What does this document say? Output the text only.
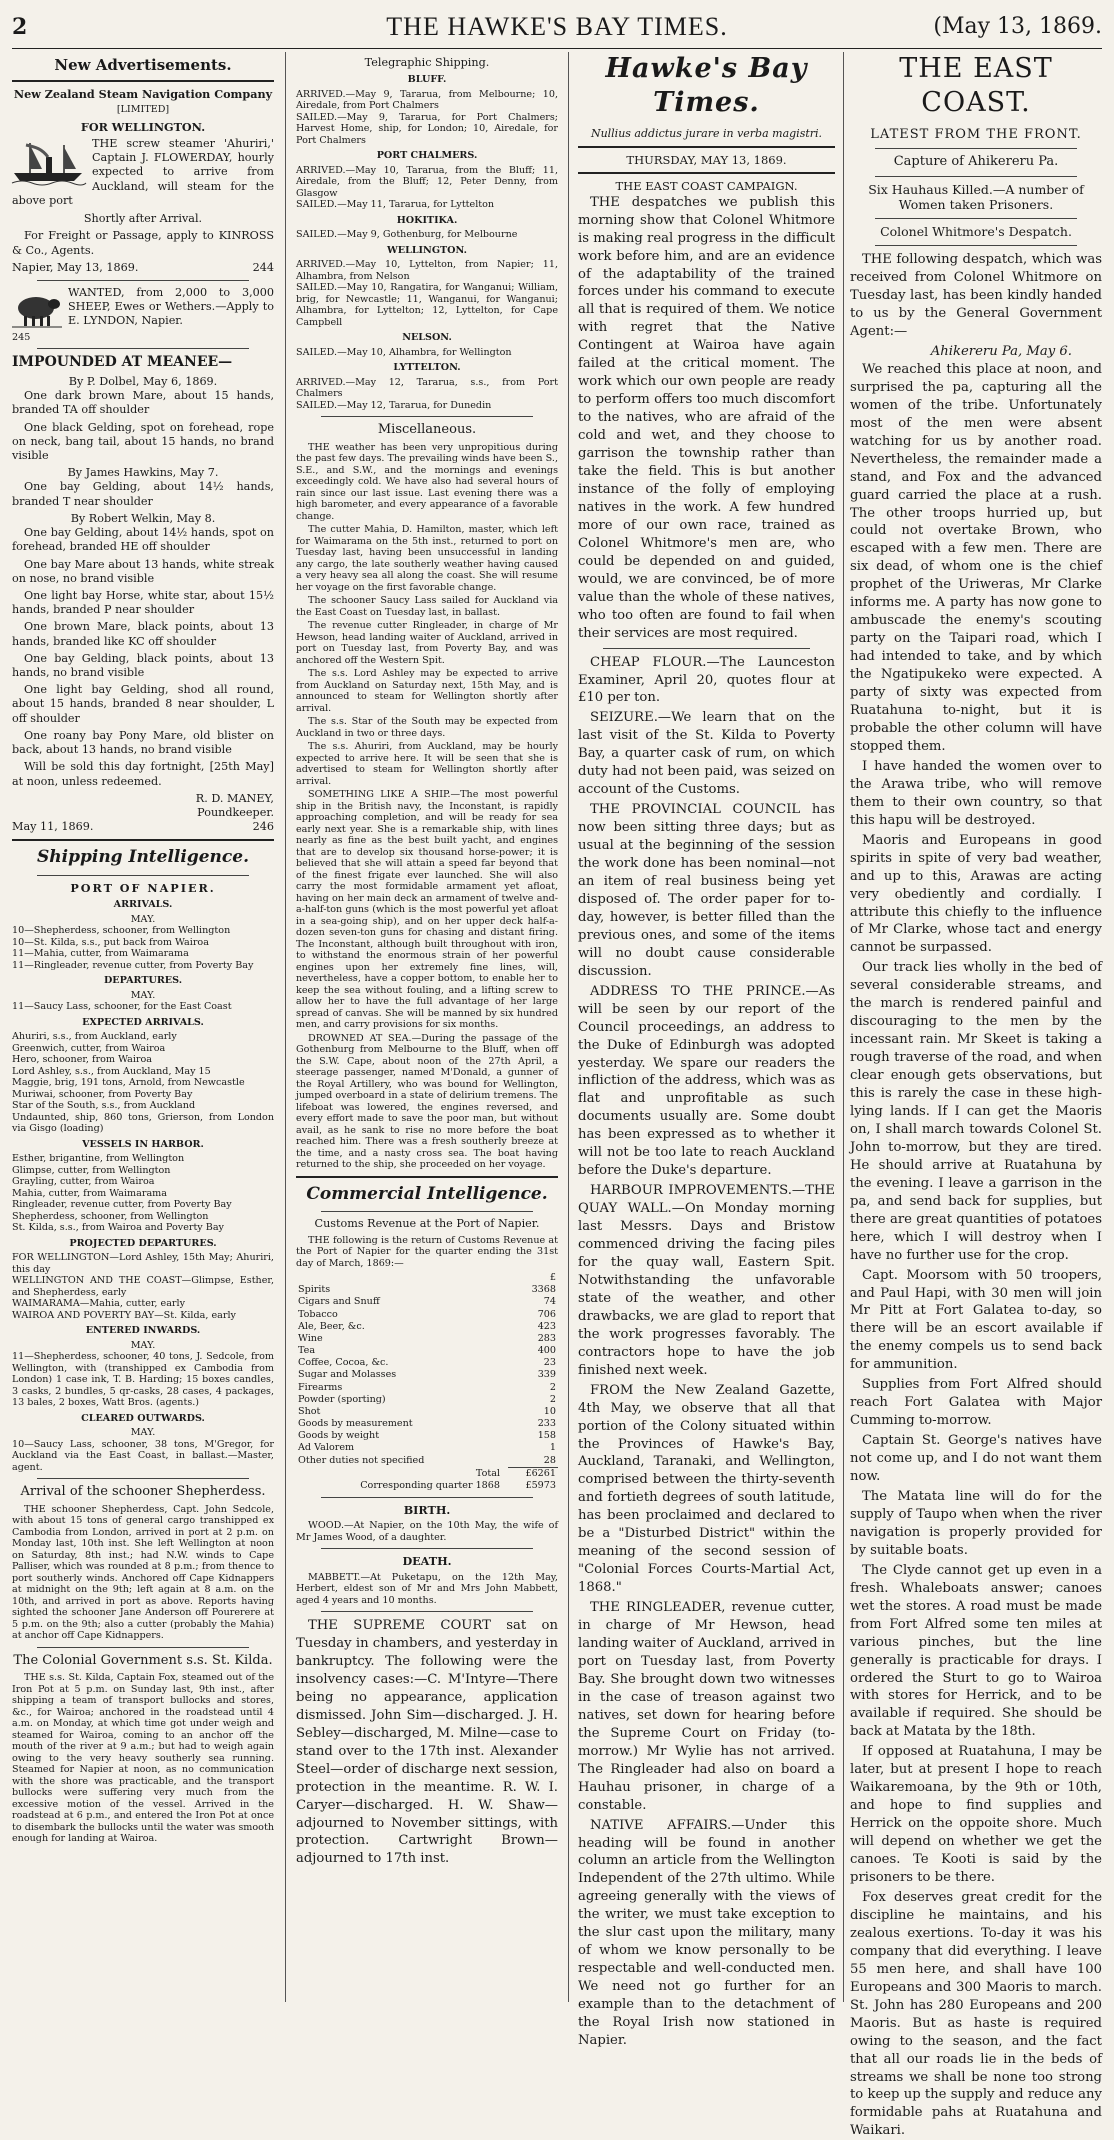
2	THE HAWKE'S BAY TIMES.	(May 13, 1869.
New Advertisements.
New Zealand Steam Navigation Company
[LIMITED]
FOR WELLINGTON.

THE screw steamer 'Ahuriri,' Captain J. FLOWERDAY, hourly expected to arrive from Auckland, will steam for the above port

Shortly after Arrival.

For Freight or Passage, apply to KINROSS & Co., Agents.

Napier, May 13, 1869.	244

WANTED, from 2,000 to 3,000 SHEEP, Ewes or Wethers.—Apply to E. LYNDON, Napier.

245
IMPOUNDED AT MEANEE—
By P. Dolbel, May 6, 1869.

One dark brown Mare, about 15 hands, branded TA off shoulder

One black Gelding, spot on forehead, rope on neck, bang tail, about 15 hands, no brand visible

By James Hawkins, May 7.

One bay Gelding, about 14½ hands, branded T near shoulder

By Robert Welkin, May 8.

One bay Gelding, about 14½ hands, spot on forehead, branded HE off shoulder

One bay Mare about 13 hands, white streak on nose, no brand visible

One light bay Horse, white star, about 15½ hands, branded P near shoulder

One brown Mare, black points, about 13 hands, branded like KC off shoulder

One bay Gelding, black points, about 13 hands, no brand visible

One light bay Gelding, shod all round, about 15 hands, branded 8 near shoulder, L off shoulder

One roany bay Pony Mare, old blister on back, about 13 hands, no brand visible

Will be sold this day fortnight, [25th May] at noon, unless redeemed.

R. D. MANEY,
Poundkeeper.
May 11, 1869.	246
Shipping Intelligence.
PORT OF NAPIER.
ARRIVALS.
MAY.
10—Shepherdess, schooner, from Wellington
10—St. Kilda, s.s., put back from Wairoa
11—Mahia, cutter, from Waimarama
11—Ringleader, revenue cutter, from Poverty Bay
DEPARTURES.
MAY.
11—Saucy Lass, schooner, for the East Coast
EXPECTED ARRIVALS.
Ahuriri, s.s., from Auckland, early
Greenwich, cutter, from Wairoa
Hero, schooner, from Wairoa
Lord Ashley, s.s., from Auckland, May 15
Maggie, brig, 191 tons, Arnold, from Newcastle
Muriwai, schooner, from Poverty Bay
Star of the South, s.s., from Auckland
Undaunted, ship, 860 tons, Grierson, from London via Gisgo (loading)
VESSELS IN HARBOR.
Esther, brigantine, from Wellington
Glimpse, cutter, from Wellington
Grayling, cutter, from Wairoa
Mahia, cutter, from Waimarama
Ringleader, revenue cutter, from Poverty Bay
Shepherdess, schooner, from Wellington
St. Kilda, s.s., from Wairoa and Poverty Bay
PROJECTED DEPARTURES.
FOR WELLINGTON—Lord Ashley, 15th May; Ahuriri, this day
WELLINGTON AND THE COAST—Glimpse, Esther, and Shepherdess, early
WAIMARAMA—Mahia, cutter, early
WAIROA AND POVERTY BAY—St. Kilda, early
ENTERED INWARDS.
MAY.
11—Shepherdess, schooner, 40 tons, J. Sedcole, from Wellington, with (transhipped ex Cambodia from London) 1 case ink, T. B. Harding; 15 boxes candles, 3 casks, 2 bundles, 5 qr-casks, 28 cases, 4 packages, 13 bales, 2 boxes, Watt Bros. (agents.)
CLEARED OUTWARDS.
MAY.
10—Saucy Lass, schooner, 38 tons, M'Gregor, for Auckland via the East Coast, in ballast.—Master, agent.
Arrival of the schooner Shepherdess.

THE schooner Shepherdess, Capt. John Sedcole, with about 15 tons of general cargo transhipped ex Cambodia from London, arrived in port at 2 p.m. on Monday last, 10th inst. She left Wellington at noon on Saturday, 8th inst.; had N.W. winds to Cape Palliser, which was rounded at 8 p.m.; from thence to port southerly winds. Anchored off Cape Kidnappers at midnight on the 9th; left again at 8 a.m. on the 10th, and arrived in port as above. Reports having sighted the schooner Jane Anderson off Pourerere at 5 p.m. on the 9th; also a cutter (probably the Mahia) at anchor off Cape Kidnappers.

The Colonial Government s.s. St. Kilda.

THE s.s. St. Kilda, Captain Fox, steamed out of the Iron Pot at 5 p.m. on Sunday last, 9th inst., after shipping a team of transport bullocks and stores, &c., for Wairoa; anchored in the roadstead until 4 a.m. on Monday, at which time got under weigh and steamed for Wairoa, coming to an anchor off the mouth of the river at 9 a.m.; but had to weigh again owing to the very heavy southerly sea running. Steamed for Napier at noon, as no communication with the shore was practicable, and the transport bullocks were suffering very much from the excessive motion of the vessel. Arrived in the roadstead at 6 p.m., and entered the Iron Pot at once to disembark the bullocks until the water was smooth enough for landing at Wairoa.

Telegraphic Shipping.
BLUFF.
ARRIVED.—May 9, Tararua, from Melbourne; 10, Airedale, from Port Chalmers
SAILED.—May 9, Tararua, for Port Chalmers; Harvest Home, ship, for London; 10, Airedale, for Port Chalmers
PORT CHALMERS.
ARRIVED.—May 10, Tararua, from the Bluff; 11, Airedale, from the Bluff; 12, Peter Denny, from Glasgow
SAILED.—May 11, Tararua, for Lyttelton
HOKITIKA.
SAILED.—May 9, Gothenburg, for Melbourne
WELLINGTON.
ARRIVED.—May 10, Lyttelton, from Napier; 11, Alhambra, from Nelson
SAILED.—May 10, Rangatira, for Wanganui; William, brig, for Newcastle; 11, Wanganui, for Wanganui; Alhambra, for Lyttelton; 12, Lyttelton, for Cape Campbell
NELSON.
SAILED.—May 10, Alhambra, for Wellington
LYTTELTON.
ARRIVED.—May 12, Tararua, s.s., from Port Chalmers
SAILED.—May 12, Tararua, for Dunedin
Miscellaneous.

THE weather has been very unpropitious during the past few days. The prevailing winds have been S., S.E., and S.W., and the mornings and evenings exceedingly cold. We have also had several hours of rain since our last issue. Last evening there was a high barometer, and every appearance of a favorable change.

The cutter Mahia, D. Hamilton, master, which left for Waimarama on the 5th inst., returned to port on Tuesday last, having been unsuccessful in landing any cargo, the late southerly weather having caused a very heavy sea all along the coast. She will resume her voyage on the first favorable change.

The schooner Saucy Lass sailed for Auckland via the East Coast on Tuesday last, in ballast.

The revenue cutter Ringleader, in charge of Mr Hewson, head landing waiter of Auckland, arrived in port on Tuesday last, from Poverty Bay, and was anchored off the Western Spit.

The s.s. Lord Ashley may be expected to arrive from Auckland on Saturday next, 15th May, and is announced to steam for Wellington shortly after arrival.

The s.s. Star of the South may be expected from Auckland in two or three days.

The s.s. Ahuriri, from Auckland, may be hourly expected to arrive here. It will be seen that she is advertised to steam for Wellington shortly after arrival.

SOMETHING LIKE A SHIP.—The most powerful ship in the British navy, the Inconstant, is rapidly approaching completion, and will be ready for sea early next year. She is a remarkable ship, with lines nearly as fine as the best built yacht, and engines that are to develop six thousand horse-power; it is believed that she will attain a speed far beyond that of the finest frigate ever launched. She will also carry the most formidable armament yet afloat, having on her main deck an armament of twelve and-a-half-ton guns (which is the most powerful yet afloat in a sea-going ship), and on her upper deck half-a-dozen seven-ton guns for chasing and distant firing. The Inconstant, although built throughout with iron, to withstand the enormous strain of her powerful engines upon her extremely fine lines, will, nevertheless, have a copper bottom, to enable her to keep the sea without fouling, and a lifting screw to allow her to have the full advantage of her large spread of canvas. She will be manned by six hundred men, and carry provisions for six months.

DROWNED AT SEA.—During the passage of the Gothenburg from Melbourne to the Bluff, when off the S.W. Cape, about noon of the 27th April, a steerage passenger, named M'Donald, a gunner of the Royal Artillery, who was bound for Wellington, jumped overboard in a state of delirium tremens. The lifeboat was lowered, the engines reversed, and every effort made to save the poor man, but without avail, as he sank to rise no more before the boat reached him. There was a fresh southerly breeze at the time, and a nasty cross sea. The boat having returned to the ship, she proceeded on her voyage.

Commercial Intelligence.
Customs Revenue at the Port of Napier.

THE following is the return of Customs Revenue at the Port of Napier for the quarter ending the 31st day of March, 1869:—

	£
Spirits	3368
Cigars and Snuff	74
Tobacco	706
Ale, Beer, &c.	423
Wine	283
Tea	400
Coffee, Cocoa, &c.	23
Sugar and Molasses	339
Firearms	2
Powder (sporting)	2
Shot	10
Goods by measurement	233
Goods by weight	158
Ad Valorem	1
Other duties not specified	28
Total	£6261
Corresponding quarter 1868	£5973
BIRTH.

WOOD.—At Napier, on the 10th May, the wife of Mr James Wood, of a daughter.

DEATH.

MABBETT.—At Puketapu, on the 12th May, Herbert, eldest son of Mr and Mrs John Mabbett, aged 4 years and 10 months.

THE SUPREME COURT sat on Tuesday in chambers, and yesterday in bankruptcy. The following were the insolvency cases:—C. M'Intyre—There being no appearance, application dismissed. John Sim—discharged. J. H. Sebley—discharged, M. Milne—case to stand over to the 17th inst. Alexander Steel—order of discharge next session, protection in the meantime. R. W. I. Caryer—discharged. H. W. Shaw—adjourned to November sittings, with protection. Cartwright Brown—adjourned to 17th inst.

Hawke's Bay Times.
Nullius addictus jurare in verba magistri.
THURSDAY, MAY 13, 1869.
THE EAST COAST CAMPAIGN.

THE despatches we publish this morning show that Colonel Whitmore is making real progress in the difficult work before him, and are an evidence of the adaptability of the trained forces under his command to execute all that is required of them. We notice with regret that the Native Contingent at Wairoa have again failed at the critical moment. The work which our own people are ready to perform offers too much discomfort to the natives, who are afraid of the cold and wet, and they choose to garrison the township rather than take the field. This is but another instance of the folly of employing natives in the work. A few hundred more of our own race, trained as Colonel Whitmore's men are, who could be depended on and guided, would, we are convinced, be of more value than the whole of these natives, who too often are found to fail when their services are most required.

CHEAP FLOUR.—The Launceston Examiner, April 20, quotes flour at £10 per ton.

SEIZURE.—We learn that on the last visit of the St. Kilda to Poverty Bay, a quarter cask of rum, on which duty had not been paid, was seized on account of the Customs.

THE PROVINCIAL COUNCIL has now been sitting three days; but as usual at the beginning of the session the work done has been nominal—not an item of real business being yet disposed of. The order paper for to-day, however, is better filled than the previous ones, and some of the items will no doubt cause considerable discussion.

ADDRESS TO THE PRINCE.—As will be seen by our report of the Council proceedings, an address to the Duke of Edinburgh was adopted yesterday. We spare our readers the infliction of the address, which was as flat and unprofitable as such documents usually are. Some doubt has been expressed as to whether it will not be too late to reach Auckland before the Duke's departure.

HARBOUR IMPROVEMENTS.—THE QUAY WALL.—On Monday morning last Messrs. Days and Bristow commenced driving the facing piles for the quay wall, Eastern Spit. Notwithstanding the unfavorable state of the weather, and other drawbacks, we are glad to report that the work progresses favorably. The contractors hope to have the job finished next week.

FROM the New Zealand Gazette, 4th May, we observe that all that portion of the Colony situated within the Provinces of Hawke's Bay, Auckland, Taranaki, and Wellington, comprised between the thirty-seventh and fortieth degrees of south latitude, has been proclaimed and declared to be a "Disturbed District" within the meaning of the second session of "Colonial Forces Courts-Martial Act, 1868."

THE RINGLEADER, revenue cutter, in charge of Mr Hewson, head landing waiter of Auckland, arrived in port on Tuesday last, from Poverty Bay. She brought down two witnesses in the case of treason against two natives, set down for hearing before the Supreme Court on Friday (to-morrow.) Mr Wylie has not arrived. The Ringleader had also on board a Hauhau prisoner, in charge of a constable.

NATIVE AFFAIRS.—Under this heading will be found in another column an article from the Wellington Independent of the 27th ultimo. While agreeing generally with the views of the writer, we must take exception to the slur cast upon the military, many of whom we know personally to be respectable and well-conducted men. We need not go further for an example than to the detachment of the Royal Irish now stationed in Napier.

THE EAST COAST.
LATEST FROM THE FRONT.
Capture of Ahikereru Pa.
Six Hauhaus Killed.—A number of Women taken Prisoners.
Colonel Whitmore's Despatch.

THE following despatch, which was received from Colonel Whitmore on Tuesday last, has been kindly handed to us by the General Government Agent:—

Ahikereru Pa, May 6.

We reached this place at noon, and surprised the pa, capturing all the women of the tribe. Unfortunately most of the men were absent watching for us by another road. Nevertheless, the remainder made a stand, and Fox and the advanced guard carried the place at a rush. The other troops hurried up, but could not overtake Brown, who escaped with a few men. There are six dead, of whom one is the chief prophet of the Uriweras, Mr Clarke informs me. A party has now gone to ambuscade the enemy's scouting party on the Taipari road, which I had intended to take, and by which the Ngatipukeko were expected. A party of sixty was expected from Ruatahuna to-night, but it is probable the other column will have stopped them.

I have handed the women over to the Arawa tribe, who will remove them to their own country, so that this hapu will be destroyed.

Maoris and Europeans in good spirits in spite of very bad weather, and up to this, Arawas are acting very obediently and cordially. I attribute this chiefly to the influence of Mr Clarke, whose tact and energy cannot be surpassed.

Our track lies wholly in the bed of several considerable streams, and the march is rendered painful and discouraging to the men by the incessant rain. Mr Skeet is taking a rough traverse of the road, and when clear enough gets observations, but this is rarely the case in these high-lying lands. If I can get the Maoris on, I shall march towards Colonel St. John to-morrow, but they are tired. He should arrive at Ruatahuna by the evening. I leave a garrison in the pa, and send back for supplies, but there are great quantities of potatoes here, which I will destroy when I have no further use for the crop.

Capt. Moorsom with 50 troopers, and Paul Hapi, with 30 men will join Mr Pitt at Fort Galatea to-day, so there will be an escort available if the enemy compels us to send back for ammunition.

Supplies from Fort Alfred should reach Fort Galatea with Major Cumming to-morrow.

Captain St. George's natives have not come up, and I do not want them now.

The Matata line will do for the supply of Taupo when when the river navigation is properly provided for by suitable boats.

The Clyde cannot get up even in a fresh. Whaleboats answer; canoes wet the stores. A road must be made from Fort Alfred some ten miles at various pinches, but the line generally is practicable for drays. I ordered the Sturt to go to Wairoa with stores for Herrick, and to be available if required. She should be back at Matata by the 18th.

If opposed at Ruatahuna, I may be later, but at present I hope to reach Waikaremoana, by the 9th or 10th, and hope to find supplies and Herrick on the oppoite shore. Much will depend on whether we get the canoes. Te Kooti is said by the prisoners to be there.

Fox deserves great credit for the discipline he maintains, and his zealous exertions. To-day it was his company that did everything. I leave 55 men here, and shall have 100 Europeans and 300 Maoris to march. St. John has 280 Europeans and 200 Maoris. But as haste is required owing to the season, and the fact that all our roads lie in the beds of streams we shall be none too strong to keep up the supply and reduce any formidable pahs at Ruatahuna and Waikari.
